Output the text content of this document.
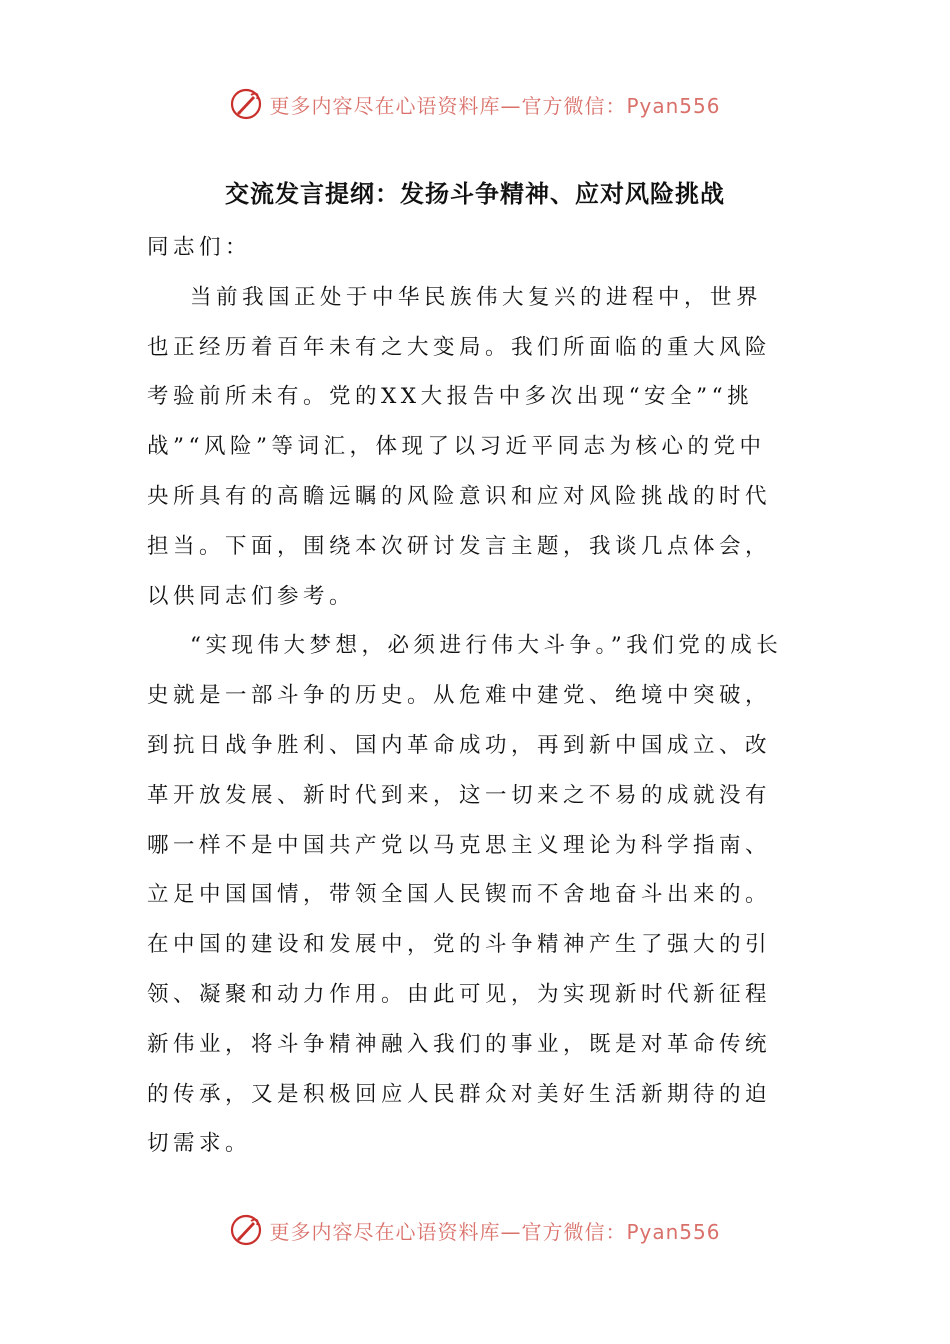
更多内容尽在心语资料库—官方微信：Pyan556
交流发言提纲：发扬斗争精神、应对风险挑战

同志们：

当前我国正处于中华民族伟大复兴的进程中，世界也正经历着百年未有之大变局。我们所面临的重大风险考验前所未有。党的XX大报告中多次出现“安全”“挑战”“风险”等词汇，体现了以习近平同志为核心的党中央所具有的高瞻远瞩的风险意识和应对风险挑战的时代担当。下面，围绕本次研讨发言主题，我谈几点体会，以供同志们参考。

“实现伟大梦想，必须进行伟大斗争。”我们党的成长史就是一部斗争的历史。从危难中建党、绝境中突破，到抗日战争胜利、国内革命成功，再到新中国成立、改革开放发展、新时代到来，这一切来之不易的成就没有哪一样不是中国共产党以马克思主义理论为科学指南、立足中国国情，带领全国人民锲而不舍地奋斗出来的。在中国的建设和发展中，党的斗争精神产生了强大的引领、凝聚和动力作用。由此可见，为实现新时代新征程新伟业，将斗争精神融入我们的事业，既是对革命传统的传承，又是积极回应人民群众对美好生活新期待的迫切需求。

更多内容尽在心语资料库—官方微信：Pyan556
